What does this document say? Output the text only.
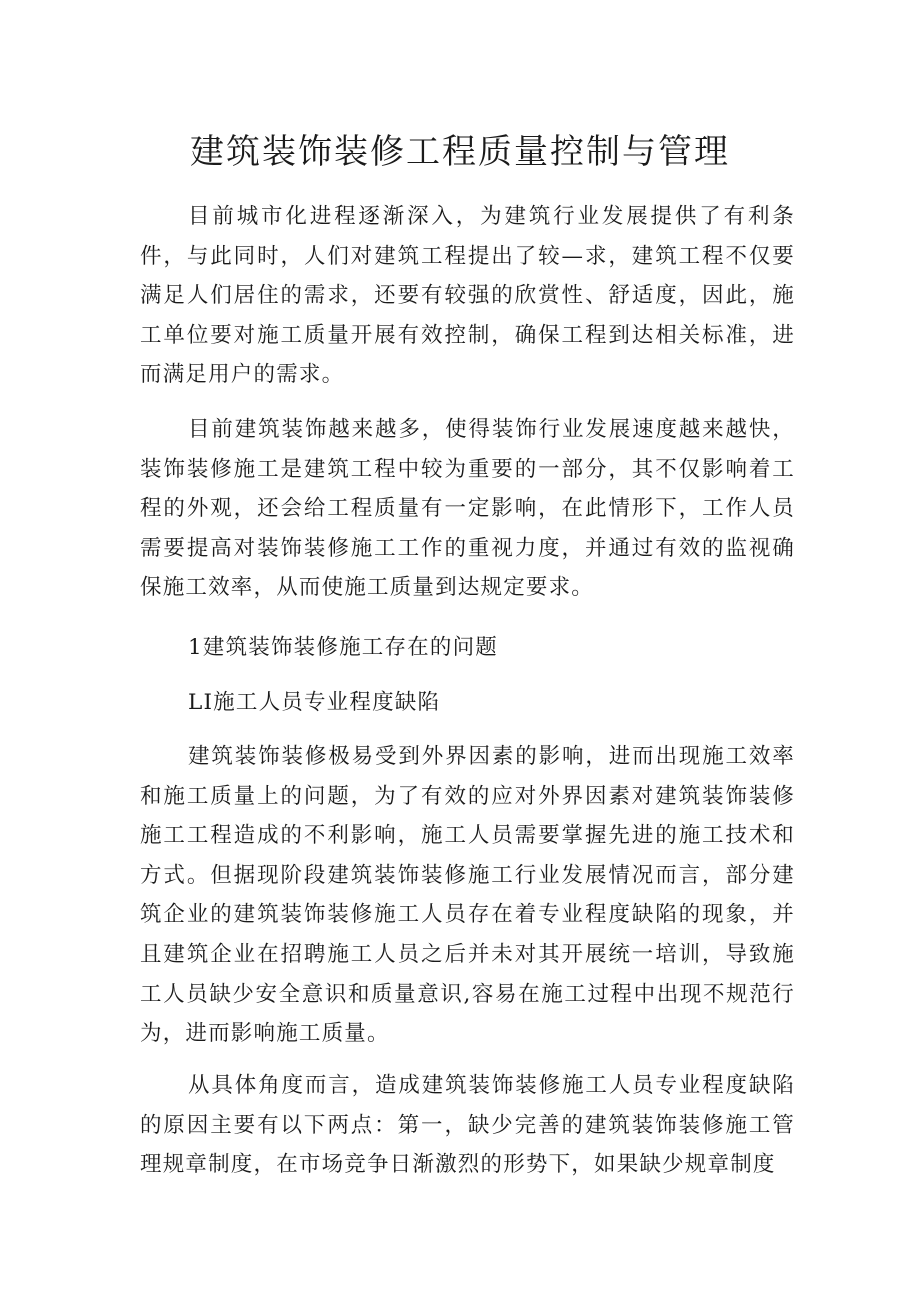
建筑装饰装修工程质量控制与管理

目前城市化进程逐渐深入，为建筑行业发展提供了有利条件，与此同时，人们对建筑工程提出了较—求，建筑工程不仅要满足人们居住的需求，还要有较强的欣赏性、舒适度，因此，施工单位要对施工质量开展有效控制，确保工程到达相关标准，进而满足用户的需求。

目前建筑装饰越来越多，使得装饰行业发展速度越来越快，装饰装修施工是建筑工程中较为重要的一部分，其不仅影响着工程的外观，还会给工程质量有一定影响，在此情形下，工作人员需要提高对装饰装修施工工作的重视力度，并通过有效的监视确保施工效率，从而使施工质量到达规定要求。

1建筑装饰装修施工存在的问题

LI施工人员专业程度缺陷

建筑装饰装修极易受到外界因素的影响，进而出现施工效率和施工质量上的问题，为了有效的应对外界因素对建筑装饰装修施工工程造成的不利影响，施工人员需要掌握先进的施工技术和方式。但据现阶段建筑装饰装修施工行业发展情况而言，部分建筑企业的建筑装饰装修施工人员存在着专业程度缺陷的现象，并且建筑企业在招聘施工人员之后并未对其开展统一培训，导致施工人员缺少安全意识和质量意识,容易在施工过程中出现不规范行为，进而影响施工质量。

从具体角度而言，造成建筑装饰装修施工人员专业程度缺陷的原因主要有以下两点：第一，缺少完善的建筑装饰装修施工管理规章制度，在市场竞争日渐激烈的形势下，如果缺少规章制度
